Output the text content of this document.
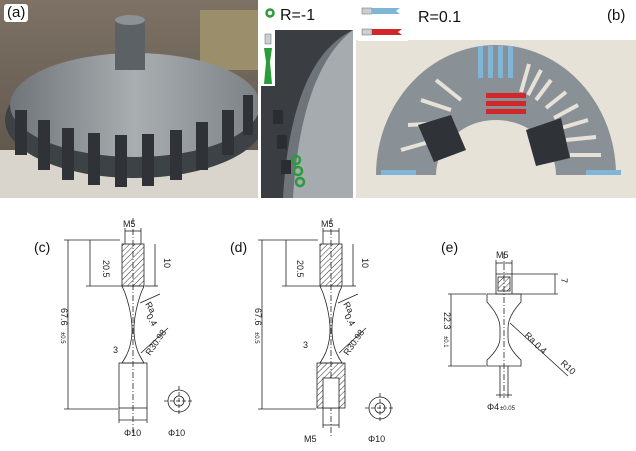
(a)	R=-1	R=0.1	(b)
(c)
M5
20.5	10
67.6
±0.5
Ra
0.4
3	R30.98
Φ10	Φ10
(d)
M5
20.5	10
67.6
±0.5
Ra
0.4
3	R30.98
M5	Φ10
(e)	M5
7
22.3
±0.1	Ra
0.4
R10
Φ4 ±0.05
